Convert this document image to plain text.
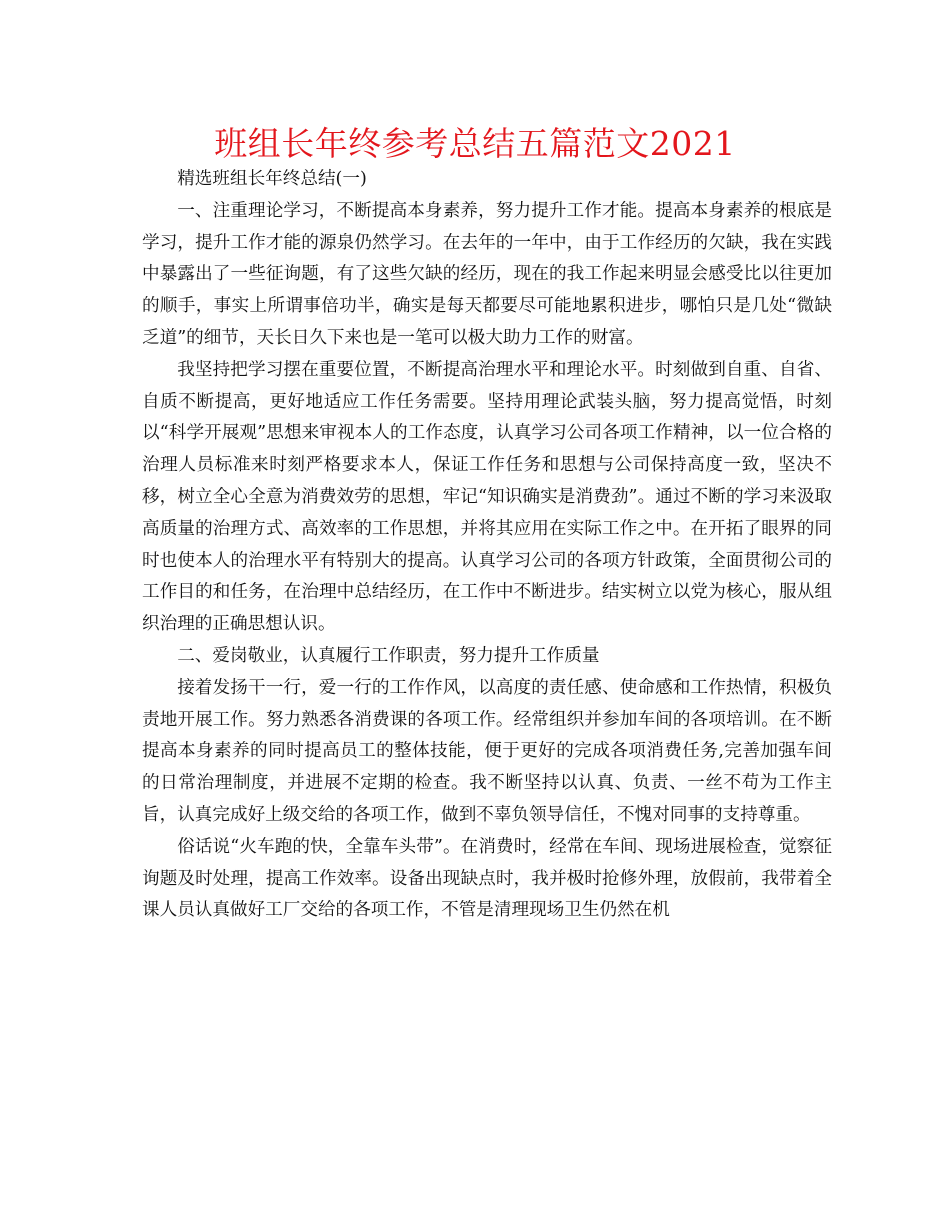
班组长年终参考总结五篇范文2021

精选班组长年终总结(一)

一、注重理论学习，不断提高本身素养，努力提升工作才能。提高本身素养的根底是学习，提升工作才能的源泉仍然学习。在去年的一年中，由于工作经历的欠缺，我在实践中暴露出了一些征询题，有了这些欠缺的经历，现在的我工作起来明显会感受比以往更加的顺手，事实上所谓事倍功半，确实是每天都要尽可能地累积进步，哪怕只是几处“微缺乏道”的细节，天长日久下来也是一笔可以极大助力工作的财富。

我坚持把学习摆在重要位置，不断提高治理水平和理论水平。时刻做到自重、自省、自质不断提高，更好地适应工作任务需要。坚持用理论武装头脑，努力提高觉悟，时刻以“科学开展观”思想来审视本人的工作态度，认真学习公司各项工作精神，以一位合格的治理人员标准来时刻严格要求本人，保证工作任务和思想与公司保持高度一致，坚决不移，树立全心全意为消费效劳的思想，牢记“知识确实是消费劲”。通过不断的学习来汲取高质量的治理方式、高效率的工作思想，并将其应用在实际工作之中。在开拓了眼界的同时也使本人的治理水平有特别大的提高。认真学习公司的各项方针政策，全面贯彻公司的工作目的和任务，在治理中总结经历，在工作中不断进步。结实树立以党为核心，服从组织治理的正确思想认识。

二、爱岗敬业，认真履行工作职责，努力提升工作质量

接着发扬干一行，爱一行的工作作风，以高度的责任感、使命感和工作热情，积极负责地开展工作。努力熟悉各消费课的各项工作。经常组织并参加车间的各项培训。在不断提高本身素养的同时提高员工的整体技能，便于更好的完成各项消费任务,完善加强车间的日常治理制度，并进展不定期的检查。我不断坚持以认真、负责、一丝不苟为工作主旨，认真完成好上级交给的各项工作，做到不辜负领导信任，不愧对同事的支持尊重。

俗话说“火车跑的快，全靠车头带”。在消费时，经常在车间、现场进展检查，觉察征询题及时处理，提高工作效率。设备出现缺点时，我并极时抢修外理，放假前，我带着全课人员认真做好工厂交给的各项工作，不管是清理现场卫生仍然在机
